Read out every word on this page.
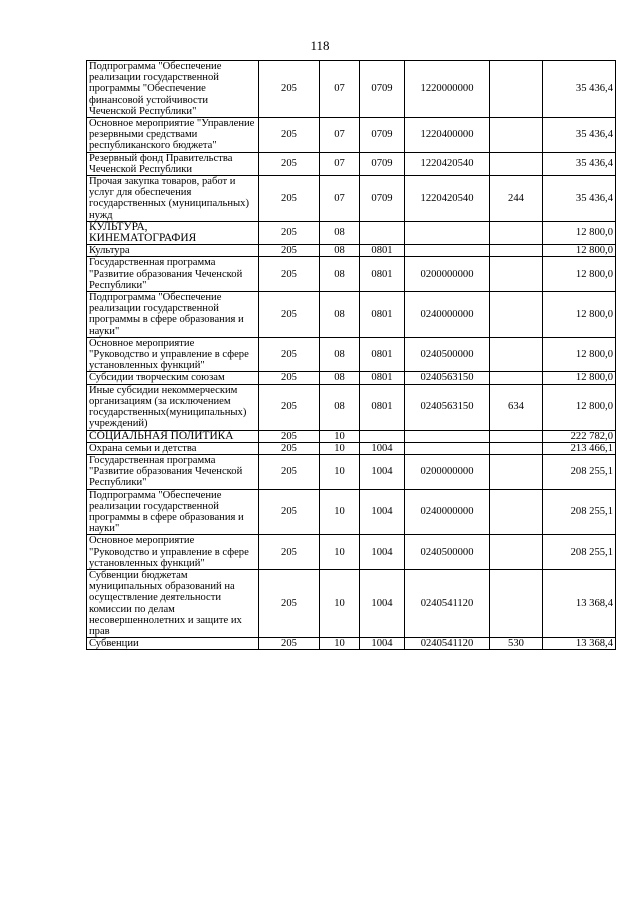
118
Подпрограмма "Обеспечение реализации государственной программы "Обеспечение финансовой устойчивости Чеченской Республики"	205	07	0709	1220000000		35 436,4
Основное мероприятие "Управление резервными средствами республиканского бюджета"	205	07	0709	1220400000		35 436,4
Резервный фонд Правительства Чеченской Республики	205	07	0709	1220420540		35 436,4
Прочая закупка товаров, работ и услуг для обеспечения государственных (муниципальных) нужд	205	07	0709	1220420540	244	35 436,4
КУЛЬТУРА, КИНЕМАТОГРАФИЯ	205	08				12 800,0
Культура	205	08	0801			12 800,0
Государственная программа "Развитие образования Чеченской Республики"	205	08	0801	0200000000		12 800,0
Подпрограмма "Обеспечение реализации государственной программы в сфере образования и науки"	205	08	0801	0240000000		12 800,0
Основное мероприятие "Руководство и управление в сфере установленных функций"	205	08	0801	0240500000		12 800,0
Субсидии творческим союзам	205	08	0801	0240563150		12 800,0
Иные субсидии некоммерческим организациям (за исключением государственных(муниципальных) учреждений)	205	08	0801	0240563150	634	12 800,0
СОЦИАЛЬНАЯ ПОЛИТИКА	205	10				222 782,0
Охрана семьи и детства	205	10	1004			213 466,1
Государственная программа "Развитие образования Чеченской Республики"	205	10	1004	0200000000		208 255,1
Подпрограмма "Обеспечение реализации государственной программы в сфере образования и науки"	205	10	1004	0240000000		208 255,1
Основное мероприятие "Руководство и управление в сфере установленных функций"	205	10	1004	0240500000		208 255,1
Субвенции бюджетам муниципальных образований на осуществление деятельности комиссии по делам несовершеннолетних и защите их прав	205	10	1004	0240541120		13 368,4
Субвенции	205	10	1004	0240541120	530	13 368,4
